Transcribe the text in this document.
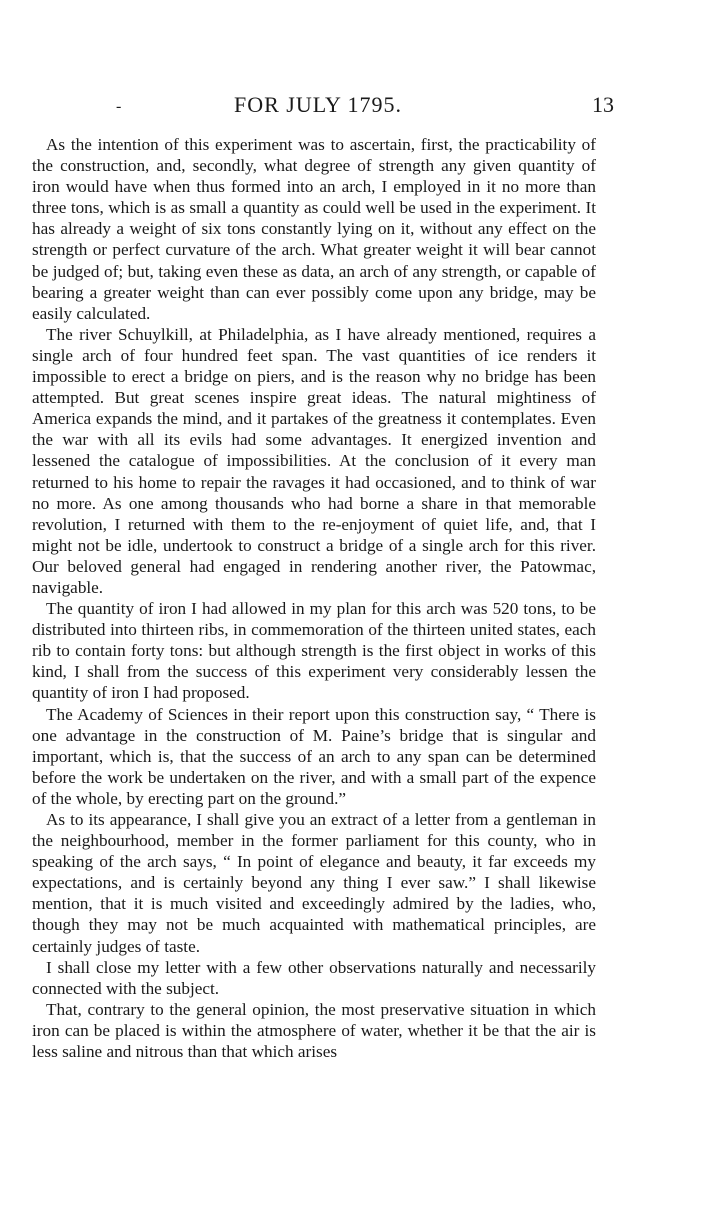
-	FOR JULY 1795.	13

As the intention of this experiment was to ascertain, first, the practicability of the construction, and, secondly, what degree of strength any given quantity of iron would have when thus formed into an arch, I employed in it no more than three tons, which is as small a quantity as could well be used in the experiment. It has already a weight of six tons constantly lying on it, without any effect on the strength or perfect curvature of the arch. What greater weight it will bear cannot be judged of; but, taking even these as data, an arch of any strength, or capable of bearing a greater weight than can ever possibly come upon any bridge, may be easily calculated.

The river Schuylkill, at Philadelphia, as I have already mentioned, requires a single arch of four hundred feet span. The vast quantities of ice renders it impossible to erect a bridge on piers, and is the reason why no bridge has been attempted. But great scenes inspire great ideas. The natural mightiness of America expands the mind, and it partakes of the greatness it contemplates. Even the war with all its evils had some advantages. It energized invention and lessened the catalogue of impossibilities. At the conclusion of it every man returned to his home to repair the ravages it had occasioned, and to think of war no more. As one among thousands who had borne a share in that memorable revolution, I returned with them to the re-enjoyment of quiet life, and, that I might not be idle, undertook to construct a bridge of a single arch for this river. Our beloved general had engaged in rendering another river, the Patowmac, navigable.

The quantity of iron I had allowed in my plan for this arch was 520 tons, to be distributed into thirteen ribs, in commemoration of the thirteen united states, each rib to contain forty tons: but although strength is the first object in works of this kind, I shall from the success of this experiment very considerably lessen the quantity of iron I had proposed.

The Academy of Sciences in their report upon this construction say, “ There is one advantage in the construction of M. Paine’s bridge that is singular and important, which is, that the success of an arch to any span can be determined before the work be undertaken on the river, and with a small part of the expence of the whole, by erecting part on the ground.”

As to its appearance, I shall give you an extract of a letter from a gentleman in the neighbourhood, member in the former parliament for this county, who in speaking of the arch says, “ In point of elegance and beauty, it far exceeds my expectations, and is certainly beyond any thing I ever saw.” I shall likewise mention, that it is much visited and exceedingly admired by the ladies, who, though they may not be much acquainted with mathematical principles, are certainly judges of taste.

I shall close my letter with a few other observations naturally and necessarily connected with the subject.

That, contrary to the general opinion, the most preservative situation in which iron can be placed is within the atmosphere of water, whether it be that the air is less saline and nitrous than that which arises
